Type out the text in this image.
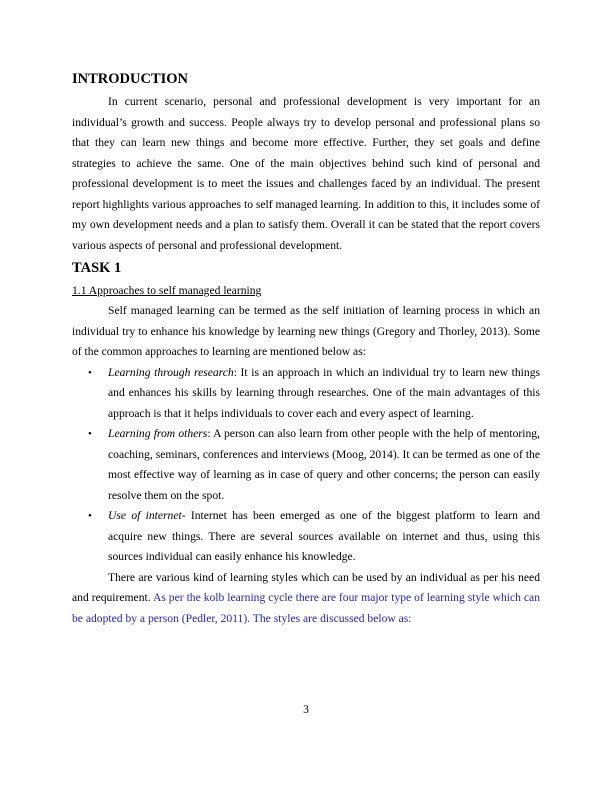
INTRODUCTION

In current scenario, personal and professional development is very important for an individual’s growth and success. People always try to develop personal and professional plans so that they can learn new things and become more effective. Further, they set goals and define strategies to achieve the same. One of the main objectives behind such kind of personal and professional development is to meet the issues and challenges faced by an individual. The present report highlights various approaches to self managed learning. In addition to this, it includes some of my own development needs and a plan to satisfy them. Overall it can be stated that the report covers various aspects of personal and professional development.

TASK 1
1.1 Approaches to self managed learning

Self managed learning can be termed as the self initiation of learning process in which an individual try to enhance his knowledge by learning new things (Gregory and Thorley, 2013). Some of the common approaches to learning are mentioned below as:

• Learning through research: It is an approach in which an individual try to learn new things and enhances his skills by learning through researches. One of the main advantages of this approach is that it helps individuals to cover each and every aspect of learning.
• Learning from others: A person can also learn from other people with the help of mentoring, coaching, seminars, conferences and interviews (Moog, 2014). It can be termed as one of the most effective way of learning as in case of query and other concerns; the person can easily resolve them on the spot.
• Use of internet- Internet has been emerged as one of the biggest platform to learn and acquire new things. There are several sources available on internet and thus, using this sources individual can easily enhance his knowledge.

There are various kind of learning styles which can be used by an individual as per his need and requirement. As per the kolb learning cycle there are four major type of learning style which can be adopted by a person (Pedler, 2011). The styles are discussed below as:

3
